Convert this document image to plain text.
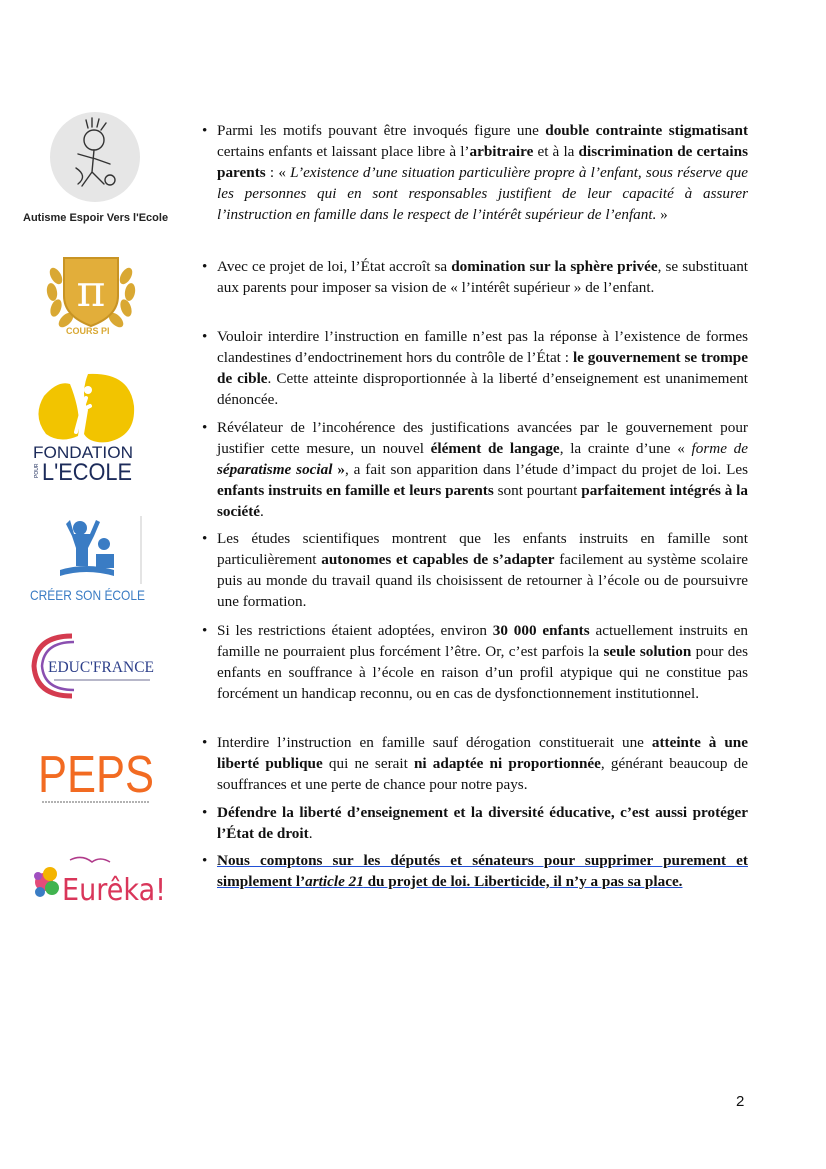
Autisme Espoir Vers l'Ecole
π
COURS PI
FONDATION
POUR L'ECOLE
CRÉER SON ÉCOLE
EDUC'FRANCE
PEPS
Eurêka!
• Parmi les motifs pouvant être invoqués figure une double contrainte stigmatisant certains enfants et laissant place libre à l’arbitraire et à la discrimination de certains parents : « L’existence d’une situation particulière propre à l’enfant, sous réserve que les personnes qui en sont responsables justifient de leur capacité à assurer l’instruction en famille dans le respect de l’intérêt supérieur de l’enfant. »
• Avec ce projet de loi, l’État accroît sa domination sur la sphère privée, se substituant aux parents pour imposer sa vision de « l’intérêt supérieur » de l’enfant.
• Vouloir interdire l’instruction en famille n’est pas la réponse à l’existence de formes clandestines d’endoctrinement hors du contrôle de l’État : le gouvernement se trompe de cible. Cette atteinte disproportionnée à la liberté d’enseignement est unanimement dénoncée.
• Révélateur de l’incohérence des justifications avancées par le gouvernement pour justifier cette mesure, un nouvel élément de langage, la crainte d’une « forme de séparatisme social », a fait son apparition dans l’étude d’impact du projet de loi. Les enfants instruits en famille et leurs parents sont pourtant parfaitement intégrés à la société.
• Les études scientifiques montrent que les enfants instruits en famille sont particulièrement autonomes et capables de s’adapter facilement au système scolaire puis au monde du travail quand ils choisissent de retourner à l’école ou de poursuivre une formation.
• Si les restrictions étaient adoptées, environ 30 000 enfants actuellement instruits en famille ne pourraient plus forcément l’être. Or, c’est parfois la seule solution pour des enfants en souffrance à l’école en raison d’un profil atypique qui ne constitue pas forcément un handicap reconnu, ou en cas de dysfonctionnement institutionnel.
• Interdire l’instruction en famille sauf dérogation constituerait une atteinte à une liberté publique qui ne serait ni adaptée ni proportionnée, générant beaucoup de souffrances et une perte de chance pour notre pays.
• Défendre la liberté d’enseignement et la diversité éducative, c’est aussi protéger l’État de droit.
• Nous comptons sur les députés et sénateurs pour supprimer purement et simplement l’article 21 du projet de loi. Liberticide, il n’y a pas sa place.
2
